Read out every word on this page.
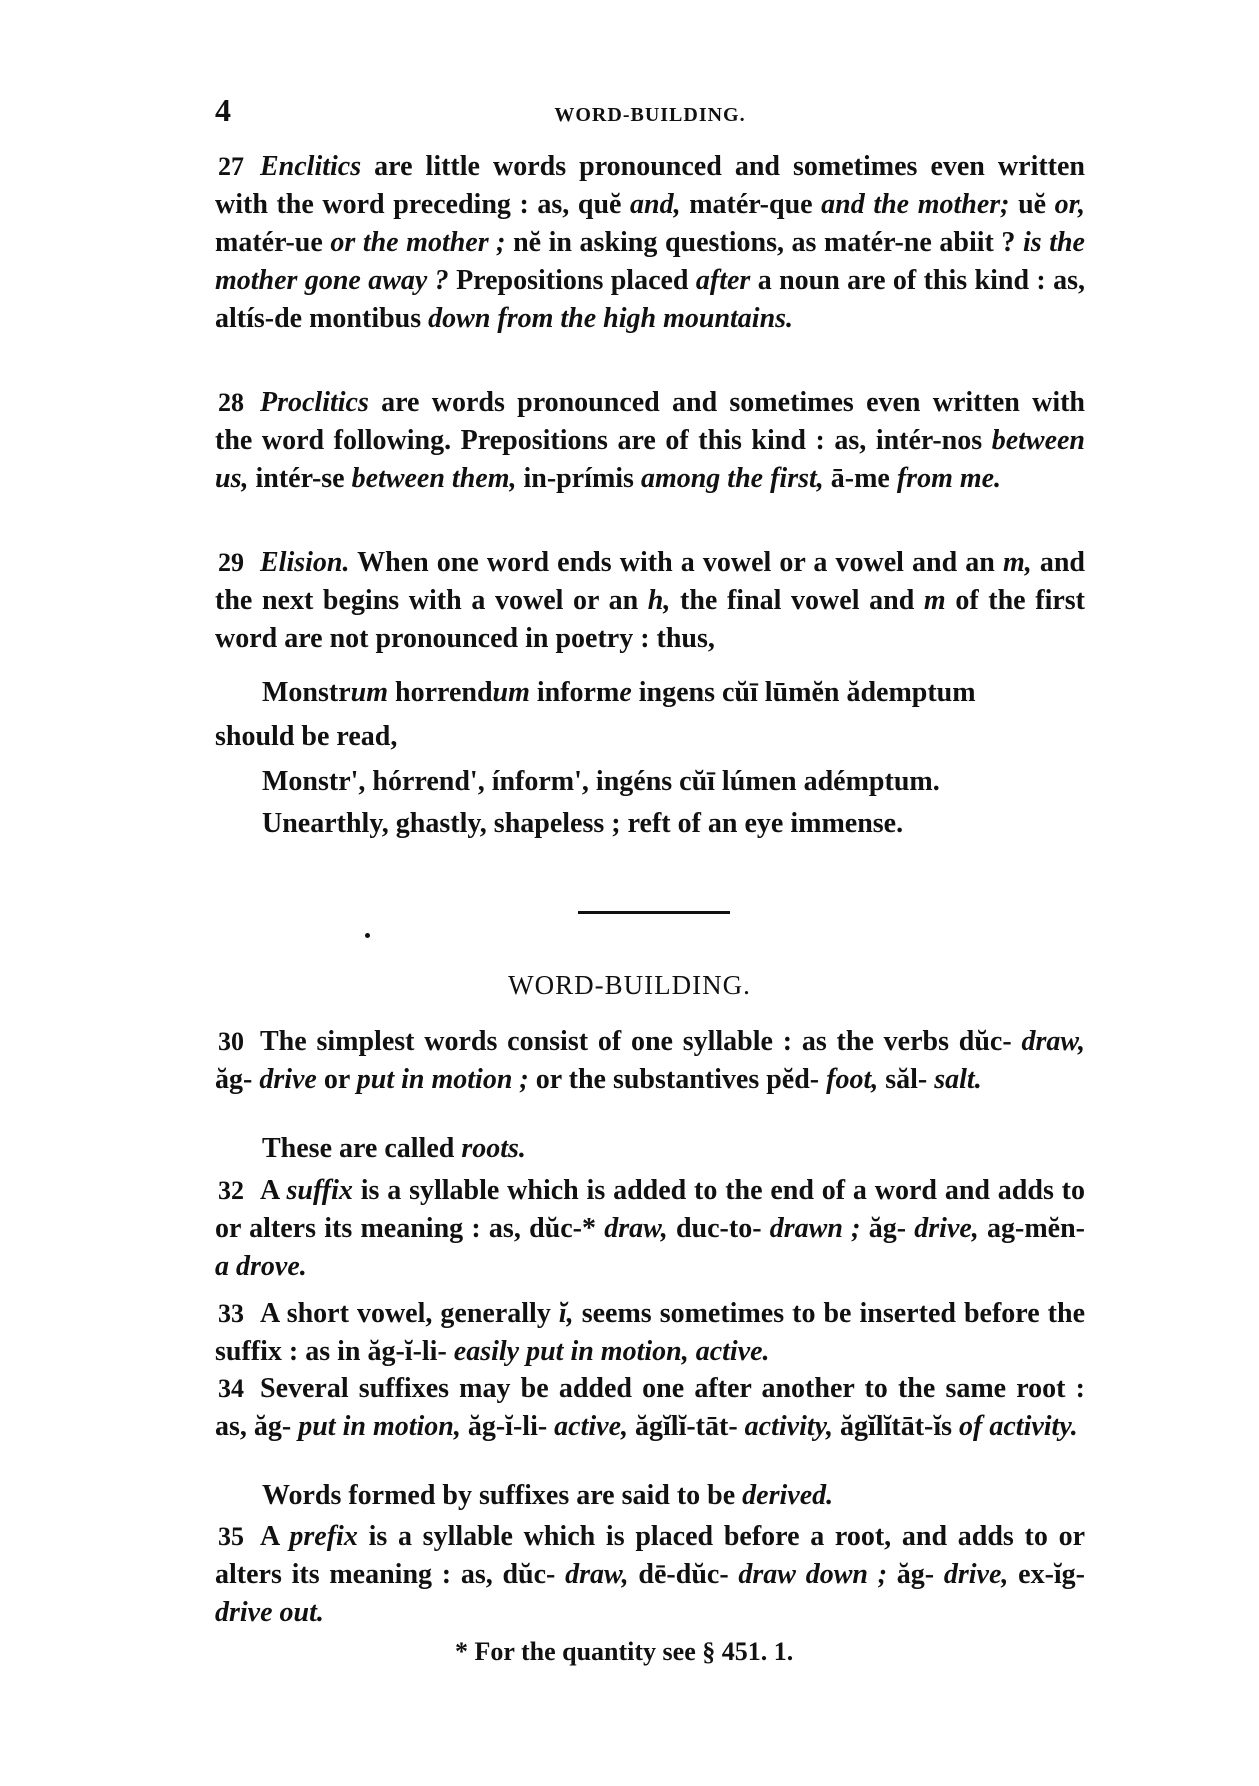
4	WORD-BUILDING.

27 Enclitics are little words pronounced and sometimes even written with the word preceding : as, quĕ and, matér-que and the mother; uĕ or, matér-ue or the mother ; nĕ in asking questions, as matér-ne abiit ? is the mother gone away ? Prepositions placed after a noun are of this kind : as, altís-de montibus down from the high mountains.

28 Proclitics are words pronounced and sometimes even written with the word following. Prepositions are of this kind : as, intér-nos between us, intér-se between them, in-prímis among the first, ā-me from me.

29 Elision. When one word ends with a vowel or a vowel and an m, and the next begins with a vowel or an h, the final vowel and m of the first word are not pronounced in poetry : thus,

Monstrum horrendum informe ingens cŭī lūmĕn ădemptum
should be read,
Monstr', hórrend', ínform', ingéns cŭī lúmen adémptum.
Unearthly, ghastly, shapeless ; reft of an eye immense.
WORD-BUILDING.

30 The simplest words consist of one syllable : as the verbs dŭc- draw, ăg- drive or put in motion ; or the substantives pĕd- foot, săl- salt.

These are called roots.

32 A suffix is a syllable which is added to the end of a word and adds to or alters its meaning : as, dŭc-* draw, duc-to- drawn ; ăg- drive, ag-mĕn- a drove.

33 A short vowel, generally ĭ, seems sometimes to be inserted before the suffix : as in ăg-ĭ-li- easily put in motion, active.

34 Several suffixes may be added one after another to the same root : as, ăg- put in motion, ăg-ĭ-li- active, ăgĭlĭ-tāt- activity, ăgĭlĭtāt-ĭs of activity.

Words formed by suffixes are said to be derived.

35 A prefix is a syllable which is placed before a root, and adds to or alters its meaning : as, dŭc- draw, dē-dŭc- draw down ; ăg- drive, ex-ĭg- drive out.

* For the quantity see § 451. 1.
